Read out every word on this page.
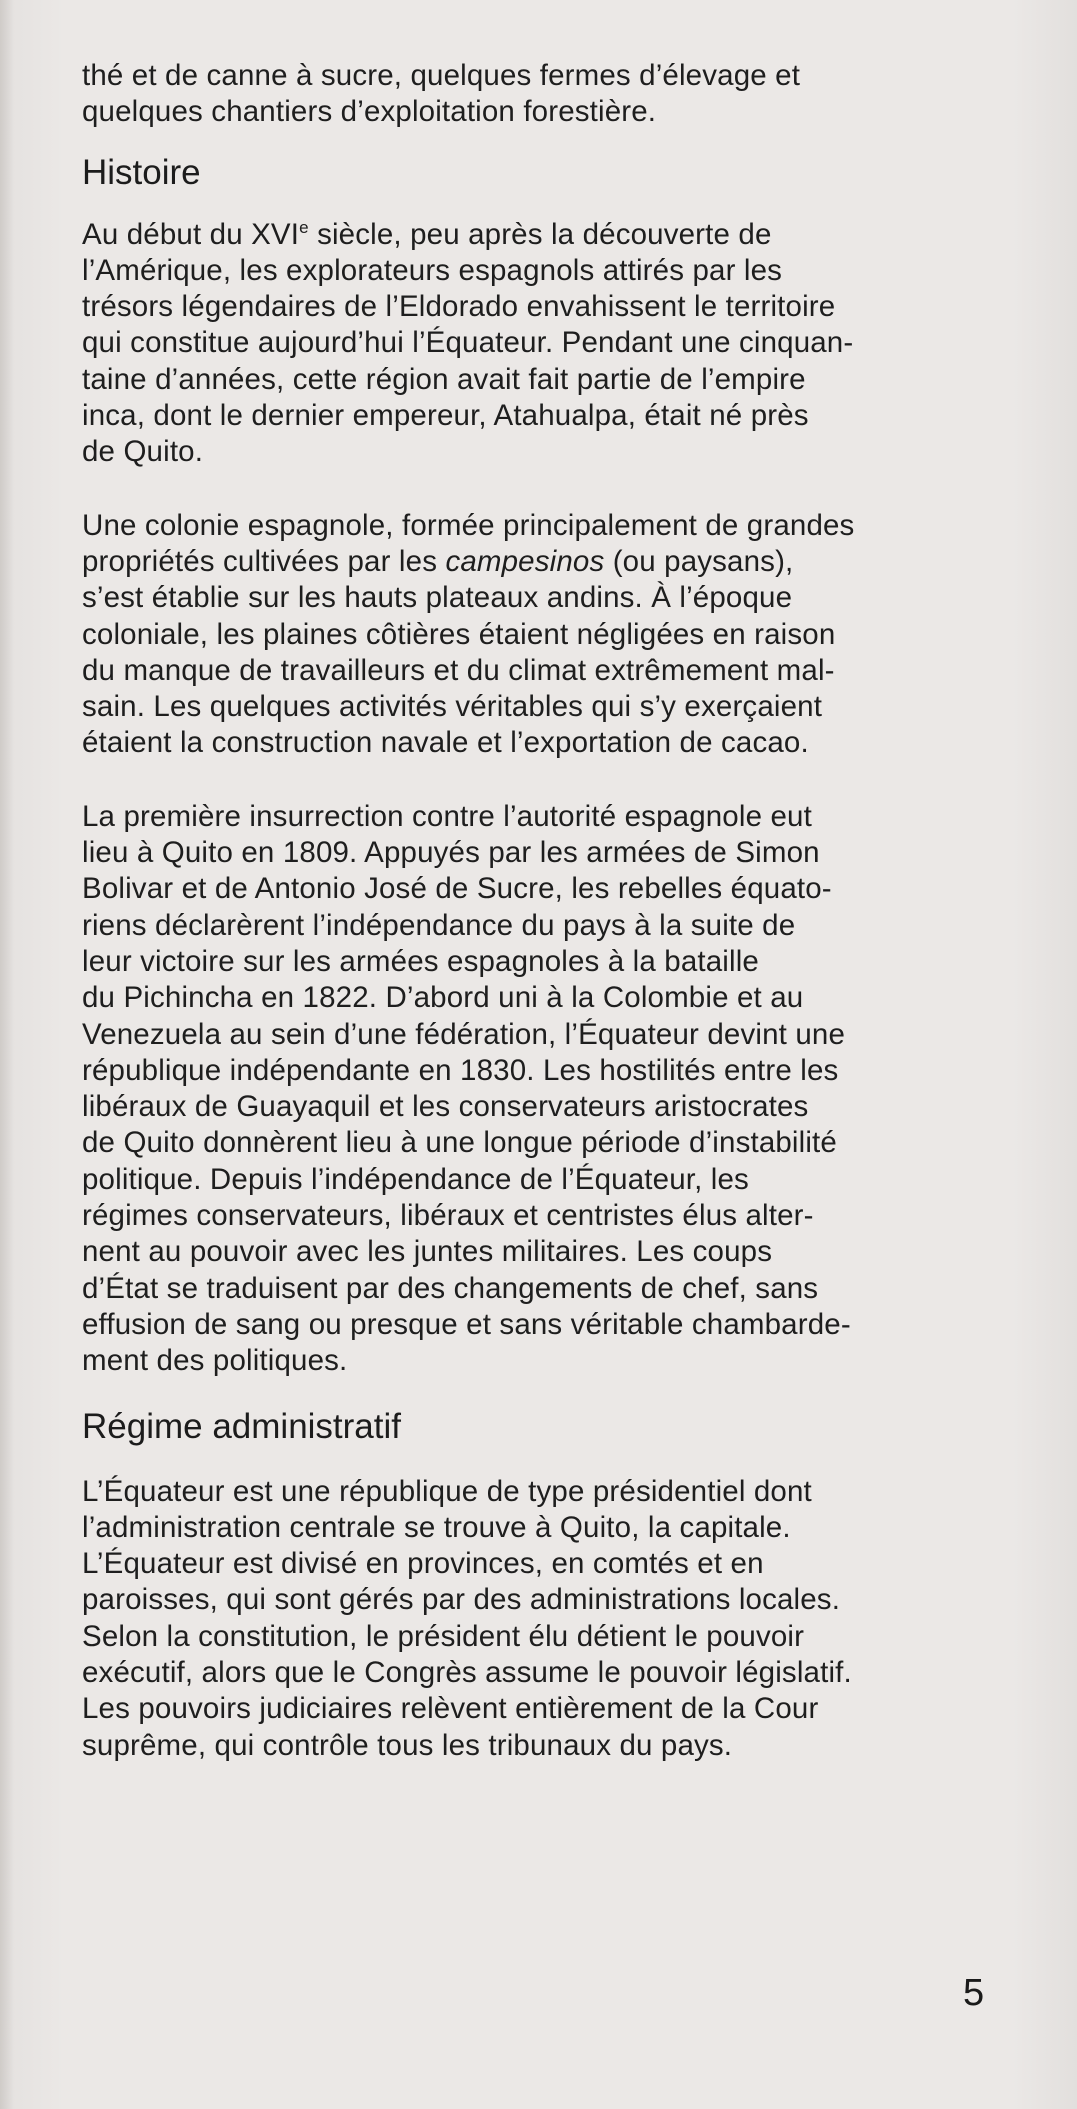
thé et de canne à sucre, quelques fermes d’élevage et
quelques chantiers d’exploitation forestière.

Histoire

Au début du XVIe siècle, peu après la découverte de
l’Amérique, les explorateurs espagnols attirés par les
trésors légendaires de l’Eldorado envahissent le territoire
qui constitue aujourd’hui l’Équateur. Pendant une cinquan-
taine d’années, cette région avait fait partie de l’empire
inca, dont le dernier empereur, Atahualpa, était né près
de Quito.

Une colonie espagnole, formée principalement de grandes
propriétés cultivées par les campesinos (ou paysans),
s’est établie sur les hauts plateaux andins. À l’époque
coloniale, les plaines côtières étaient négligées en raison
du manque de travailleurs et du climat extrêmement mal-
sain. Les quelques activités véritables qui s’y exerçaient
étaient la construction navale et l’exportation de cacao.

La première insurrection contre l’autorité espagnole eut
lieu à Quito en 1809. Appuyés par les armées de Simon
Bolivar et de Antonio José de Sucre, les rebelles équato-
riens déclarèrent l’indépendance du pays à la suite de
leur victoire sur les armées espagnoles à la bataille
du Pichincha en 1822. D’abord uni à la Colombie et au
Venezuela au sein d’une fédération, l’Équateur devint une
république indépendante en 1830. Les hostilités entre les
libéraux de Guayaquil et les conservateurs aristocrates
de Quito donnèrent lieu à une longue période d’instabilité
politique. Depuis l’indépendance de l’Équateur, les
régimes conservateurs, libéraux et centristes élus alter-
nent au pouvoir avec les juntes militaires. Les coups
d’État se traduisent par des changements de chef, sans
effusion de sang ou presque et sans véritable chambarde-
ment des politiques.

Régime administratif

L’Équateur est une république de type présidentiel dont
l’administration centrale se trouve à Quito, la capitale.
L’Équateur est divisé en provinces, en comtés et en
paroisses, qui sont gérés par des administrations locales.
Selon la constitution, le président élu détient le pouvoir
exécutif, alors que le Congrès assume le pouvoir législatif.
Les pouvoirs judiciaires relèvent entièrement de la Cour
suprême, qui contrôle tous les tribunaux du pays.

5
